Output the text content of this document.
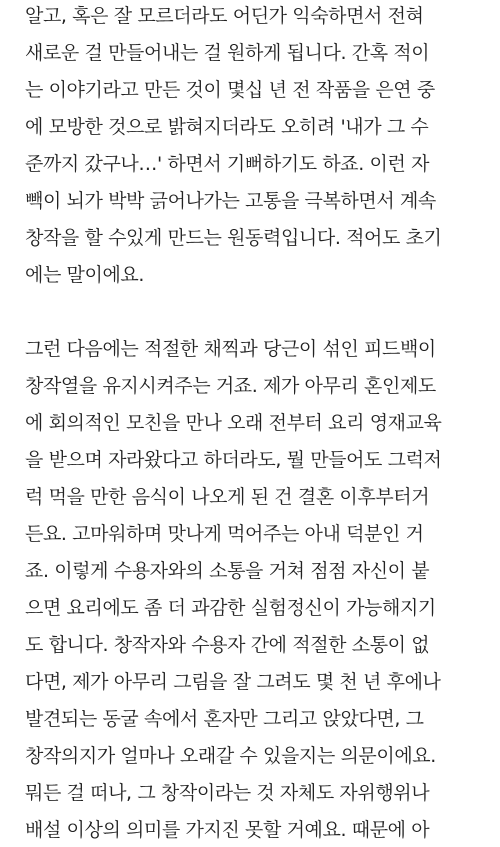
알고, 혹은 잘 모르더라도 어딘가 익숙하면서 전혀
새로운 걸 만들어내는 걸 원하게 됩니다. 간혹 적이
는 이야기라고 만든 것이 몇십 년 전 작품을 은연 중
에 모방한 것으로 밝혀지더라도 오히려 '내가 그 수
준까지 갔구나…' 하면서 기뻐하기도 하죠. 이런 자
빽이 뇌가 박박 긁어나가는 고통을 극복하면서 계속
창작을 할 수있게 만드는 원동력입니다. 적어도 초기
에는 말이에요.
그런 다음에는 적절한 채찍과 당근이 섞인 피드백이
창작열을 유지시켜주는 거죠. 제가 아무리 혼인제도
에 회의적인 모친을 만나 오래 전부터 요리 영재교육
을 받으며 자라왔다고 하더라도, 뭘 만들어도 그럭저
럭 먹을 만한 음식이 나오게 된 건 결혼 이후부터거
든요. 고마워하며 맛나게 먹어주는 아내 덕분인 거
죠. 이렇게 수용자와의 소통을 거쳐 점점 자신이 붙
으면 요리에도 좀 더 과감한 실험정신이 가능해지기
도 합니다. 창작자와 수용자 간에 적절한 소통이 없
다면, 제가 아무리 그림을 잘 그려도 몇 천 년 후에나
발견되는 동굴 속에서 혼자만 그리고 앉았다면, 그
창작의지가 얼마나 오래갈 수 있을지는 의문이에요.
뭐든 걸 떠나, 그 창작이라는 것 자체도 자위행위나
배설 이상의 의미를 가지진 못할 거예요. 때문에 아
